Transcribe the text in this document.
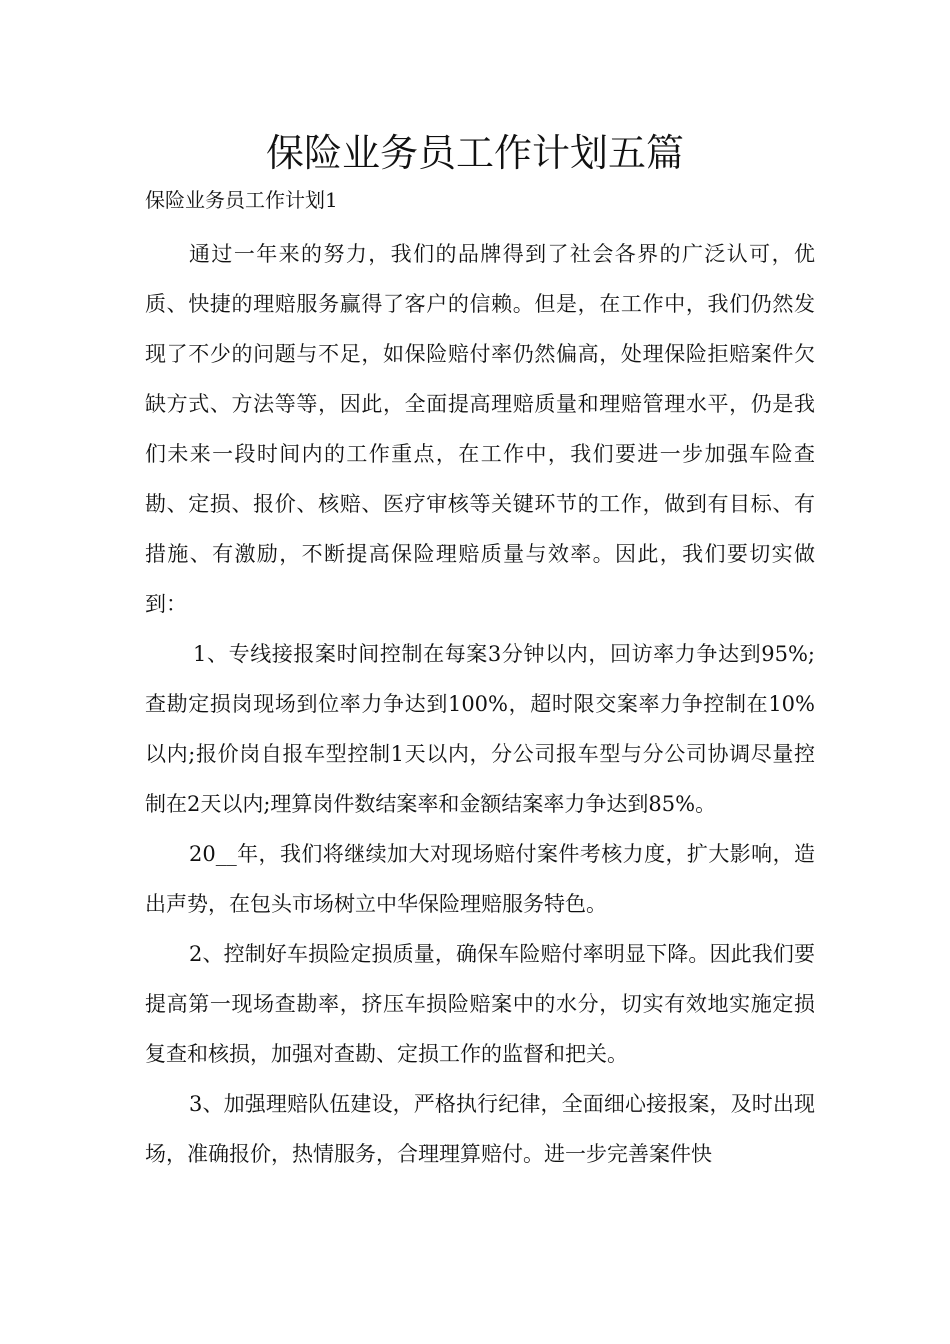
保险业务员工作计划五篇

保险业务员工作计划1

通过一年来的努力，我们的品牌得到了社会各界的广泛认可，优质、快捷的理赔服务赢得了客户的信赖。但是，在工作中，我们仍然发现了不少的问题与不足，如保险赔付率仍然偏高，处理保险拒赔案件欠缺方式、方法等等，因此，全面提高理赔质量和理赔管理水平，仍是我们未来一段时间内的工作重点，在工作中，我们要进一步加强车险查勘、定损、报价、核赔、医疗审核等关键环节的工作，做到有目标、有措施、有激励，不断提高保险理赔质量与效率。因此，我们要切实做到：

1、专线接报案时间控制在每案3分钟以内，回访率力争达到95%;查勘定损岗现场到位率力争达到100%，超时限交案率力争控制在10%以内;报价岗自报车型控制1天以内，分公司报车型与分公司协调尽量控制在2天以内;理算岗件数结案率和金额结案率力争达到85%。

20__年，我们将继续加大对现场赔付案件考核力度，扩大影响，造出声势，在包头市场树立中华保险理赔服务特色。

2、控制好车损险定损质量，确保车险赔付率明显下降。因此我们要提高第一现场查勘率，挤压车损险赔案中的水分，切实有效地实施定损复查和核损，加强对查勘、定损工作的监督和把关。

3、加强理赔队伍建设，严格执行纪律，全面细心接报案，及时出现场，准确报价，热情服务，合理理算赔付。进一步完善案件快
